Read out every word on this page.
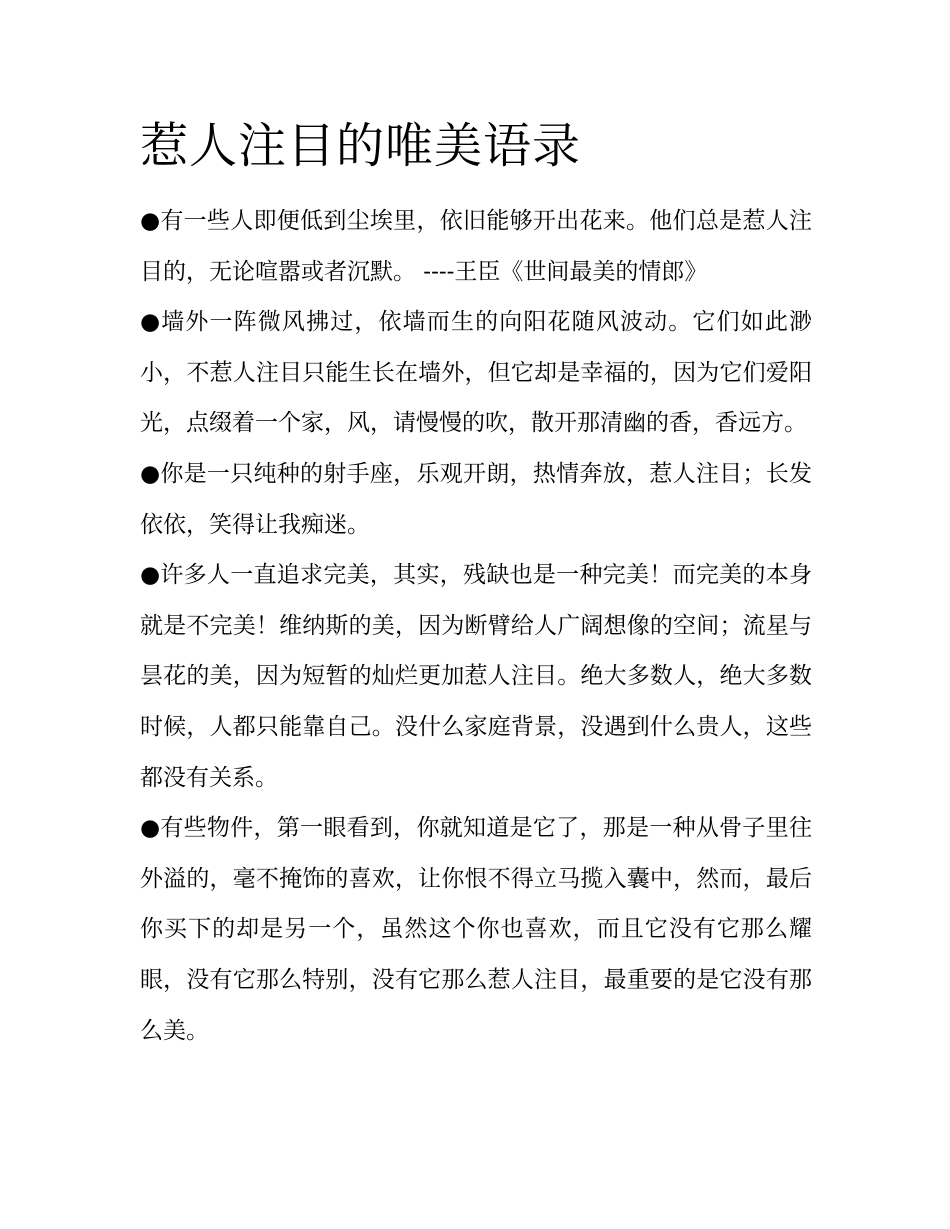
惹人注目的唯美语录

●有一些人即便低到尘埃里，依旧能够开出花来。他们总是惹人注目的，无论喧嚣或者沉默。 ----王臣《世间最美的情郎》

●墙外一阵微风拂过，依墙而生的向阳花随风波动。它们如此渺小，不惹人注目只能生长在墙外，但它却是幸福的，因为它们爱阳光，点缀着一个家，风，请慢慢的吹，散开那清幽的香，香远方。

●你是一只纯种的射手座，乐观开朗，热情奔放，惹人注目；长发依依，笑得让我痴迷。

●许多人一直追求完美，其实，残缺也是一种完美！而完美的本身就是不完美！维纳斯的美，因为断臂给人广阔想像的空间；流星与昙花的美，因为短暂的灿烂更加惹人注目。绝大多数人，绝大多数时候，人都只能靠自己。没什么家庭背景，没遇到什么贵人，这些都没有关系。

●有些物件，第一眼看到，你就知道是它了，那是一种从骨子里往外溢的，毫不掩饰的喜欢，让你恨不得立马揽入囊中，然而，最后你买下的却是另一个，虽然这个你也喜欢，而且它没有它那么耀眼，没有它那么特别，没有它那么惹人注目，最重要的是它没有那么美。
